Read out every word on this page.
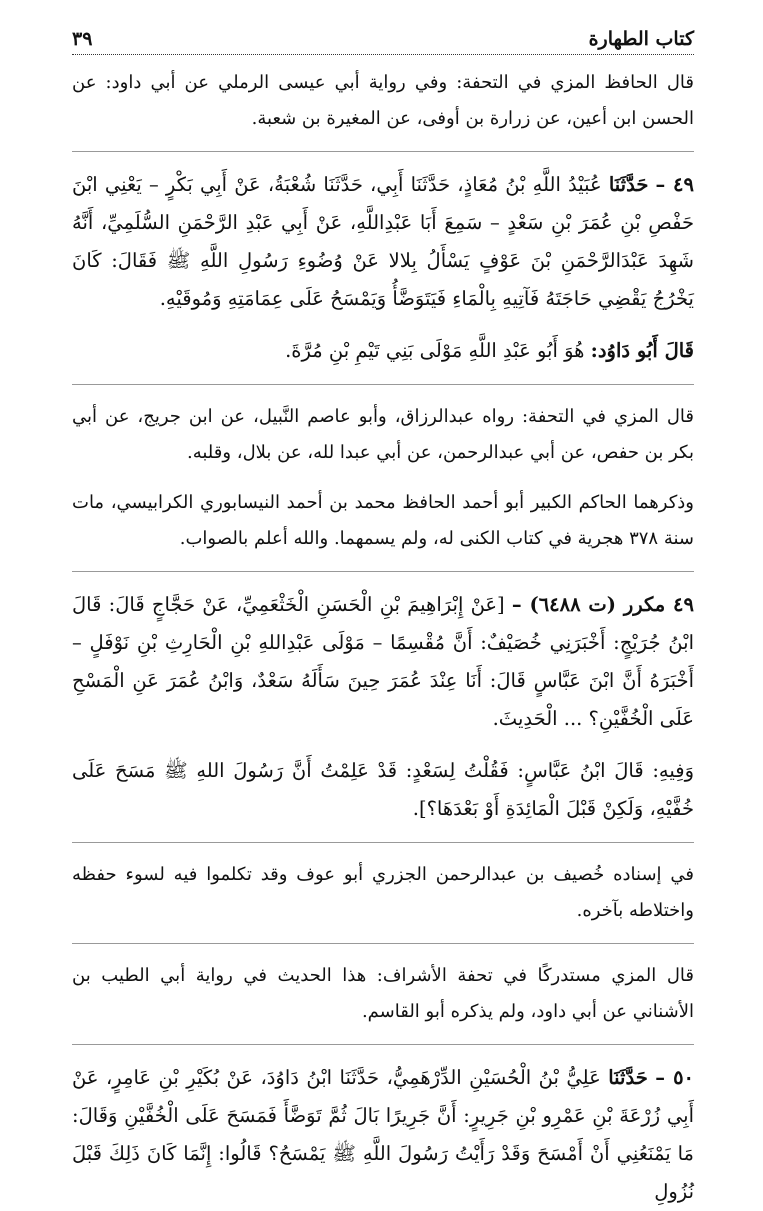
كتاب الطهارة
٣٩

قال الحافظ المزي في التحفة: وفي رواية أبي عيسى الرملي عن أبي داود: عن الحسن ابن أعين، عن زرارة بن أوفى، عن المغيرة بن شعبة.

٤٩ – حَدَّثَنَا عُبَيْدُ اللَّهِ بْنُ مُعَاذٍ، حَدَّثَنَا أَبِي، حَدَّثَنَا شُعْبَةُ، عَنْ أَبِي بَكْرٍ – يَعْنِي ابْنَ حَفْصِ بْنِ عُمَرَ بْنِ سَعْدٍ – سَمِعَ أَبَا عَبْدِاللَّهِ، عَنْ أَبِي عَبْدِ الرَّحْمَنِ السُّلَمِيِّ، أَنَّهُ شَهِدَ عَبْدَالرَّحْمَنِ بْنَ عَوْفٍ يَسْأَلُ بِلالا عَنْ وُضُوءِ رَسُولِ اللَّهِ ﷺ فَقَالَ: كَانَ يَخْرُجُ يَقْضِي حَاجَتَهُ فَآتِيهِ بِالْمَاءِ فَيَتَوَضَّأُ وَيَمْسَحُ عَلَى عِمَامَتِهِ وَمُوقَيْهِ.

قَالَ أَبُو دَاوُد: هُوَ أَبُو عَبْدِ اللَّهِ مَوْلَى بَنِي تَيْمِ بْنِ مُرَّةَ.

قال المزي في التحفة: رواه عبدالرزاق، وأبو عاصم النَّبيل، عن ابن جريج، عن أبي بكر بن حفص، عن أبي عبدالرحمن، عن أبي عبدا لله، عن بلال، وقلبه.

وذكرهما الحاكم الكبير أبو أحمد الحافظ محمد بن أحمد النيسابوري الكرابيسي، مات سنة ٣٧٨ هجرية في كتاب الكنى له، ولم يسمهما. والله أعلم بالصواب.

٤٩ مكرر (ت ٦٤٨٨) – [عَنْ إِبْرَاهِيمَ بْنِ الْحَسَنِ الْخَثْعَمِيِّ، عَنْ حَجَّاجٍ قَالَ: قَالَ ابْنُ جُرَيْجٍ: أَخْبَرَنِي خُصَيْفٌ: أَنَّ مُقْسِمًا – مَوْلَى عَبْدِاللهِ بْنِ الْحَارِثِ بْنِ نَوْفَلٍ – أَخْبَرَهُ أَنَّ ابْنَ عَبَّاسٍ قَالَ: أَنَا عِنْدَ عُمَرَ حِينَ سَأَلَهُ سَعْدٌ، وَابْنُ عُمَرَ عَنِ الْمَسْحِ عَلَى الْخُفَّيْنِ؟ ... الْحَدِيثَ.

وَفِيهِ: قَالَ ابْنُ عَبَّاسٍ: فَقُلْتُ لِسَعْدٍ: قَدْ عَلِمْتُ أَنَّ رَسُولَ اللهِ ﷺ مَسَحَ عَلَى خُفَّيْهِ، وَلَكِنْ قَبْلَ الْمَائِدَةِ أَوْ بَعْدَهَا؟].

في إسناده خُصيف بن عبدالرحمن الجزري أبو عوف وقد تكلموا فيه لسوء حفظه واختلاطه بآخره.

قال المزي مستدركًا في تحفة الأشراف: هذا الحديث في رواية أبي الطيب بن الأشناني عن أبي داود، ولم يذكره أبو القاسم.

٥٠ – حَدَّثَنَا عَلِيُّ بْنُ الْحُسَيْنِ الدِّرْهَمِيُّ، حَدَّثَنَا ابْنُ دَاوُدَ، عَنْ بُكَيْرِ بْنِ عَامِرٍ، عَنْ أَبِي زُرْعَةَ بْنِ عَمْرِو بْنِ جَرِيرٍ: أَنَّ جَرِيرًا بَالَ ثُمَّ تَوَضَّأَ فَمَسَحَ عَلَى الْخُفَّيْنِ وَقَالَ: مَا يَمْنَعُنِي أَنْ أَمْسَحَ وَقَدْ رَأَيْتُ رَسُولَ اللَّهِ ﷺ يَمْسَحُ؟ قَالُوا: إِنَّمَا كَانَ ذَلِكَ قَبْلَ نُزُولِ
